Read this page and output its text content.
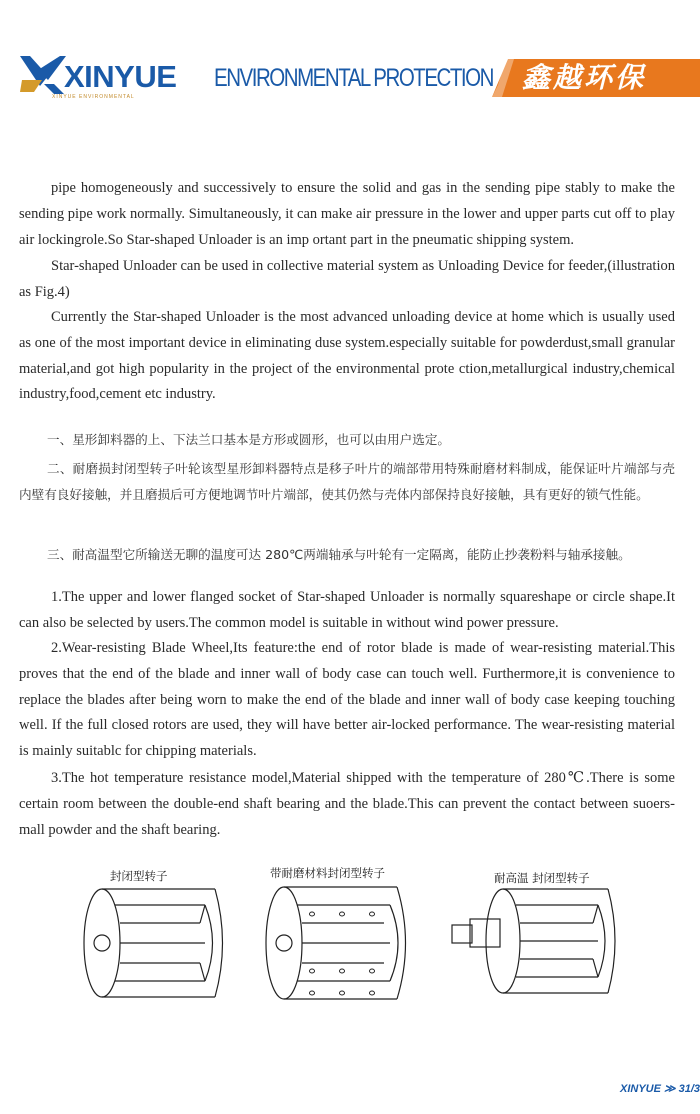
XINYUE
XINYUE ENVIRONMENTAL
ENVIRONMENTAL PROTECTION 鑫越环保

pipe homogeneously and successively to ensure the solid and gas in the sending pipe stably to make the sending pipe work normally. Simultaneously, it can make air pressure in the lower and upper parts cut off to play air lockingrole.So Star-shaped Unloader is an imp ortant part in the pneumatic shipping system.

Star-shaped Unloader can be used in collective material system as Unloading Device for feeder,(illustration as Fig.4)

Currently the Star-shaped Unloader is the most advanced unloading device at home which is usually used as one of the most important device in eliminating duse system.especially suitable for powderdust,small granular material,and got high popularity in the project of the environmental prote ction,metallurgical industry,chemical industry,food,cement etc industry.

一、星形卸料器的上、下法兰口基本是方形或圆形，也可以由用户选定。

二、耐磨损封闭型转子叶轮该型星形卸料器特点是移子叶片的端部带用特殊耐磨材料制成，能保证叶片端部与壳内壁有良好接触，并且磨损后可方便地调节叶片端部，使其仍然与壳体内部保持良好接触，具有更好的锁气性能。

三、耐高温型它所输送无聊的温度可达 280℃两端轴承与叶轮有一定隔离，能防止抄袭粉料与轴承接触。

1.The upper and lower flanged socket of Star-shaped Unloader is normally squareshape or circle shape.It can also be selected by users.The common model is suitable in without wind power pressure.

2.Wear-resisting Blade Wheel,Its feature:the end of rotor blade is made of wear-resisting material.This proves that the end of the blade and inner wall of body case can touch well. Furthermore,it is convenience to replace the blades after being worn to make the end of the blade and inner wall of body case keeping touching well. If the full closed rotors are used, they will have better air-locked performance. The wear-resisting material is mainly suitablc for chipping materials.

3.The hot temperature resistance model,Material shipped with the temperature of 280℃.There is some certain room between the double-end shaft bearing and the blade.This can prevent the contact between suoers-mall powder and the shaft bearing.

封闭型转子	带耐磨材料封闭型转子	耐高温 封闭型转子
XINYUE ≫ 31/3
